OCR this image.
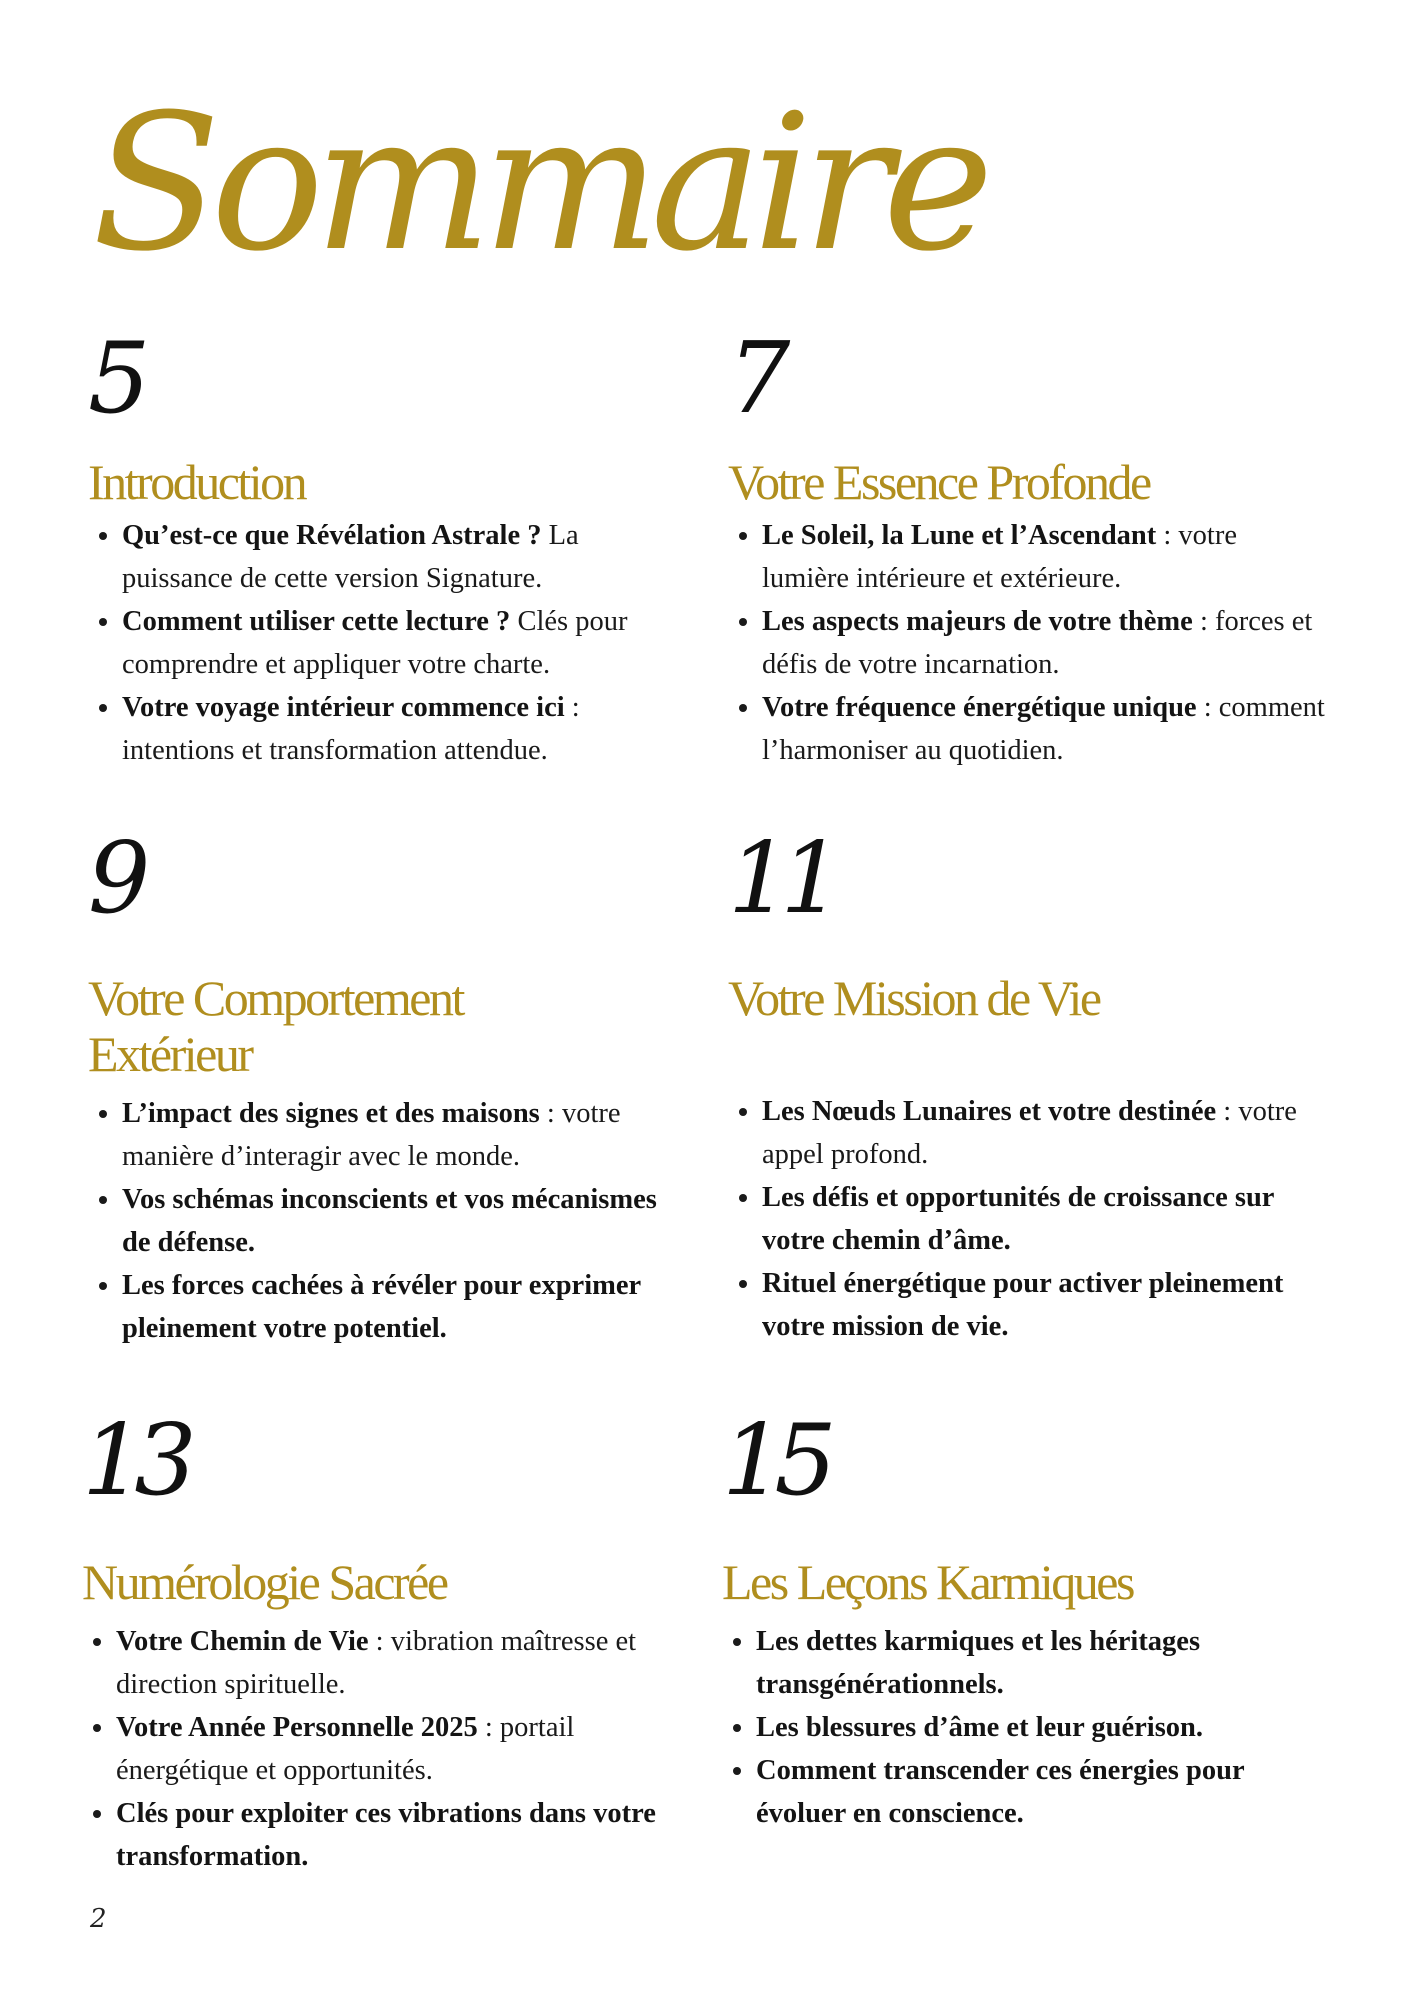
Sommaire
5
Introduction
• Qu’est-ce que Révélation Astrale ? La puissance de cette version Signature.
• Comment utiliser cette lecture ? Clés pour comprendre et appliquer votre charte.
• Votre voyage intérieur commence ici : intentions et transformation attendue.
7
Votre Essence Profonde
• Le Soleil, la Lune et l’Ascendant : votre lumière intérieure et extérieure.
• Les aspects majeurs de votre thème : forces et défis de votre incarnation.
• Votre fréquence énergétique unique : comment l’harmoniser au quotidien.
9
Votre Comportement Extérieur
• L’impact des signes et des maisons : votre manière d’interagir avec le monde.
• Vos schémas inconscients et vos mécanismes de défense.
• Les forces cachées à révéler pour exprimer pleinement votre potentiel.
11
Votre Mission de Vie
• Les Nœuds Lunaires et votre destinée : votre appel profond.
• Les défis et opportunités de croissance sur votre chemin d’âme.
• Rituel énergétique pour activer pleinement votre mission de vie.
13
Numérologie Sacrée
• Votre Chemin de Vie : vibration maîtresse et direction spirituelle.
• Votre Année Personnelle 2025 : portail énergétique et opportunités.
• Clés pour exploiter ces vibrations dans votre transformation.
15
Les Leçons Karmiques
• Les dettes karmiques et les héritages transgénérationnels.
• Les blessures d’âme et leur guérison.
• Comment transcender ces énergies pour évoluer en conscience.
2
